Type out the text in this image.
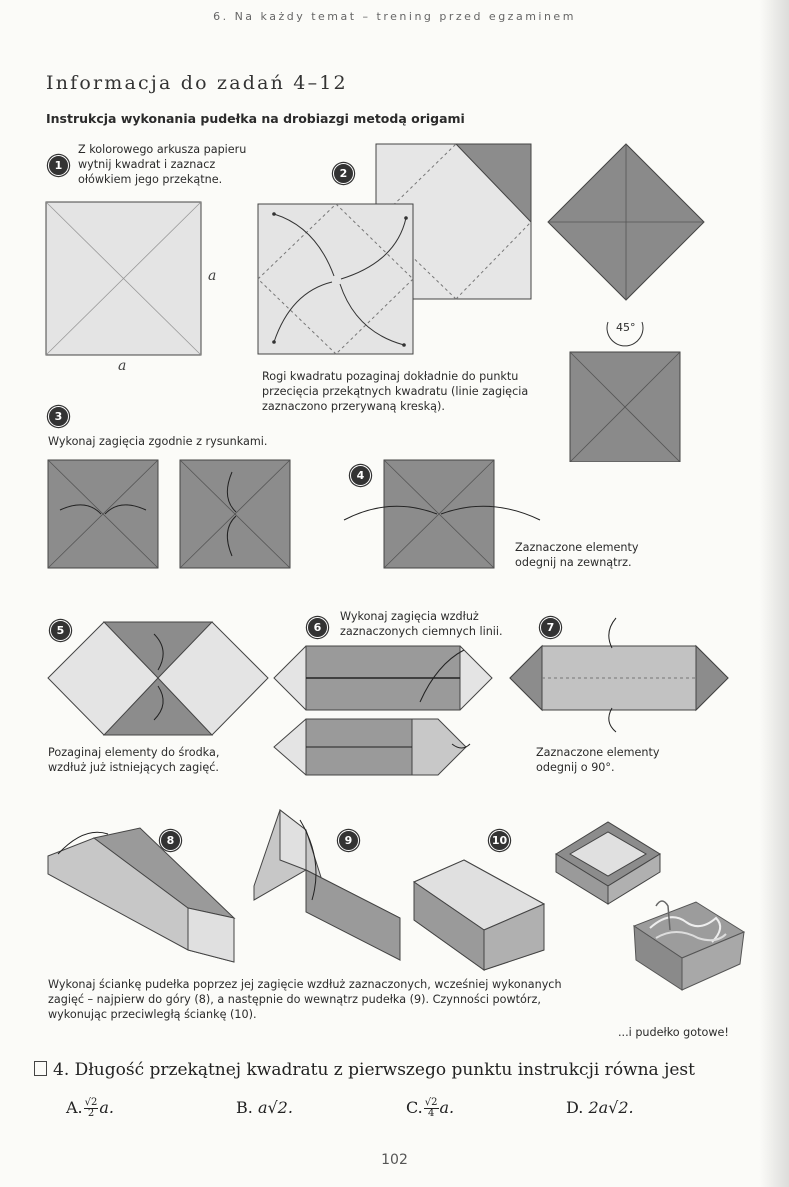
6. Na każdy temat – trening przed egzaminem
Informacja do zadań 4–12
Instrukcja wykonania pudełka na drobiazgi metodą origami
1
Z kolorowego arkusza papieru
wytnij kwadrat i zaznacz
ołówkiem jego przekątne.
a
a
2
45°
Rogi kwadratu pozaginaj dokładnie do punktu
przecięcia przekątnych kwadratu (linie zagięcia
zaznaczono przerywaną kreską).
3
Wykonaj zagięcia zgodnie z rysunkami.
4
Zaznaczone elementy
odegnij na zewnątrz.
5
Pozaginaj elementy do środka,
wzdłuż już istniejących zagięć.
6
Wykonaj zagięcia wzdłuż
zaznaczonych ciemnych linii.	7
Zaznaczone elementy
odegnij o 90°.
8	9	10
Wykonaj ściankę pudełka poprzez jej zagięcie wzdłuż zaznaczonych, wcześniej wykonanych
zagięć – najpierw do góry (8), a następnie do wewnątrz pudełka (9). Czynności powtórz,
wykonując przeciwległą ściankę (10).
...i pudełko gotowe!
4. Długość przekątnej kwadratu z pierwszego punktu instrukcji równa jest
A. $\frac{√2}{2} a$.	B. a√2.	C. $\frac{√2}{4} a$.	D. 2a√2.
102
